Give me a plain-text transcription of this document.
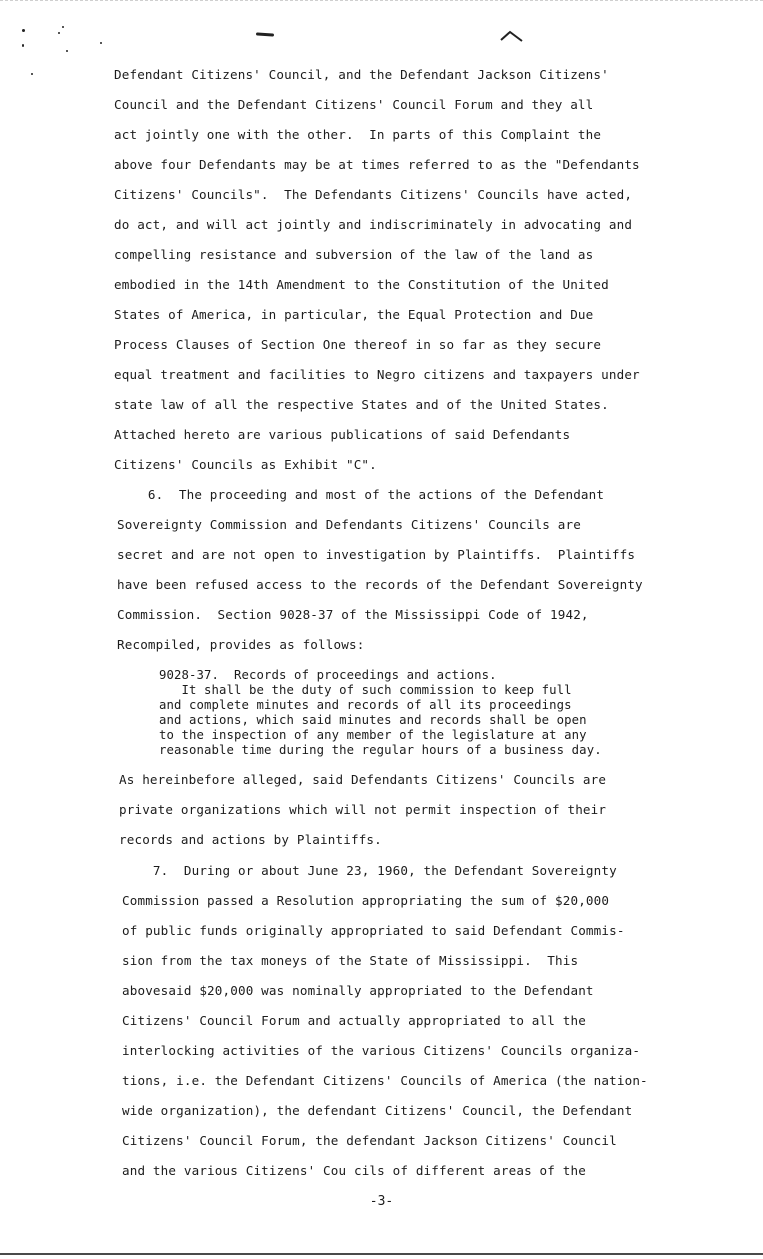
Defendant Citizens' Council, and the Defendant Jackson Citizens'
Council and the Defendant Citizens' Council Forum and they all
act jointly one with the other.  In parts of this Complaint the
above four Defendants may be at times referred to as the "Defendants
Citizens' Councils".  The Defendants Citizens' Councils have acted,
do act, and will act jointly and indiscriminately in advocating and
compelling resistance and subversion of the law of the land as
embodied in the 14th Amendment to the Constitution of the United
States of America, in particular, the Equal Protection and Due
Process Clauses of Section One thereof in so far as they secure
equal treatment and facilities to Negro citizens and taxpayers under
state law of all the respective States and of the United States.
Attached hereto are various publications of said Defendants
Citizens' Councils as Exhibit "C".
6.  The proceeding and most of the actions of the Defendant
Sovereignty Commission and Defendants Citizens' Councils are
secret and are not open to investigation by Plaintiffs.  Plaintiffs
have been refused access to the records of the Defendant Sovereignty
Commission.  Section 9028-37 of the Mississippi Code of 1942,
Recompiled, provides as follows:
9028-37.  Records of proceedings and actions.
It shall be the duty of such commission to keep full
and complete minutes and records of all its proceedings
and actions, which said minutes and records shall be open
to the inspection of any member of the legislature at any
reasonable time during the regular hours of a business day.
As hereinbefore alleged, said Defendants Citizens' Councils are
private organizations which will not permit inspection of their
records and actions by Plaintiffs.
7.  During or about June 23, 1960, the Defendant Sovereignty
Commission passed a Resolution appropriating the sum of $20,000
of public funds originally appropriated to said Defendant Commis-
sion from the tax moneys of the State of Mississippi.  This
abovesaid $20,000 was nominally appropriated to the Defendant
Citizens' Council Forum and actually appropriated to all the
interlocking activities of the various Citizens' Councils organiza-
tions, i.e. the Defendant Citizens' Councils of America (the nation-
wide organization), the defendant Citizens' Council, the Defendant
Citizens' Council Forum, the defendant Jackson Citizens' Council
and the various Citizens' Cou cils of different areas of the
-3-
